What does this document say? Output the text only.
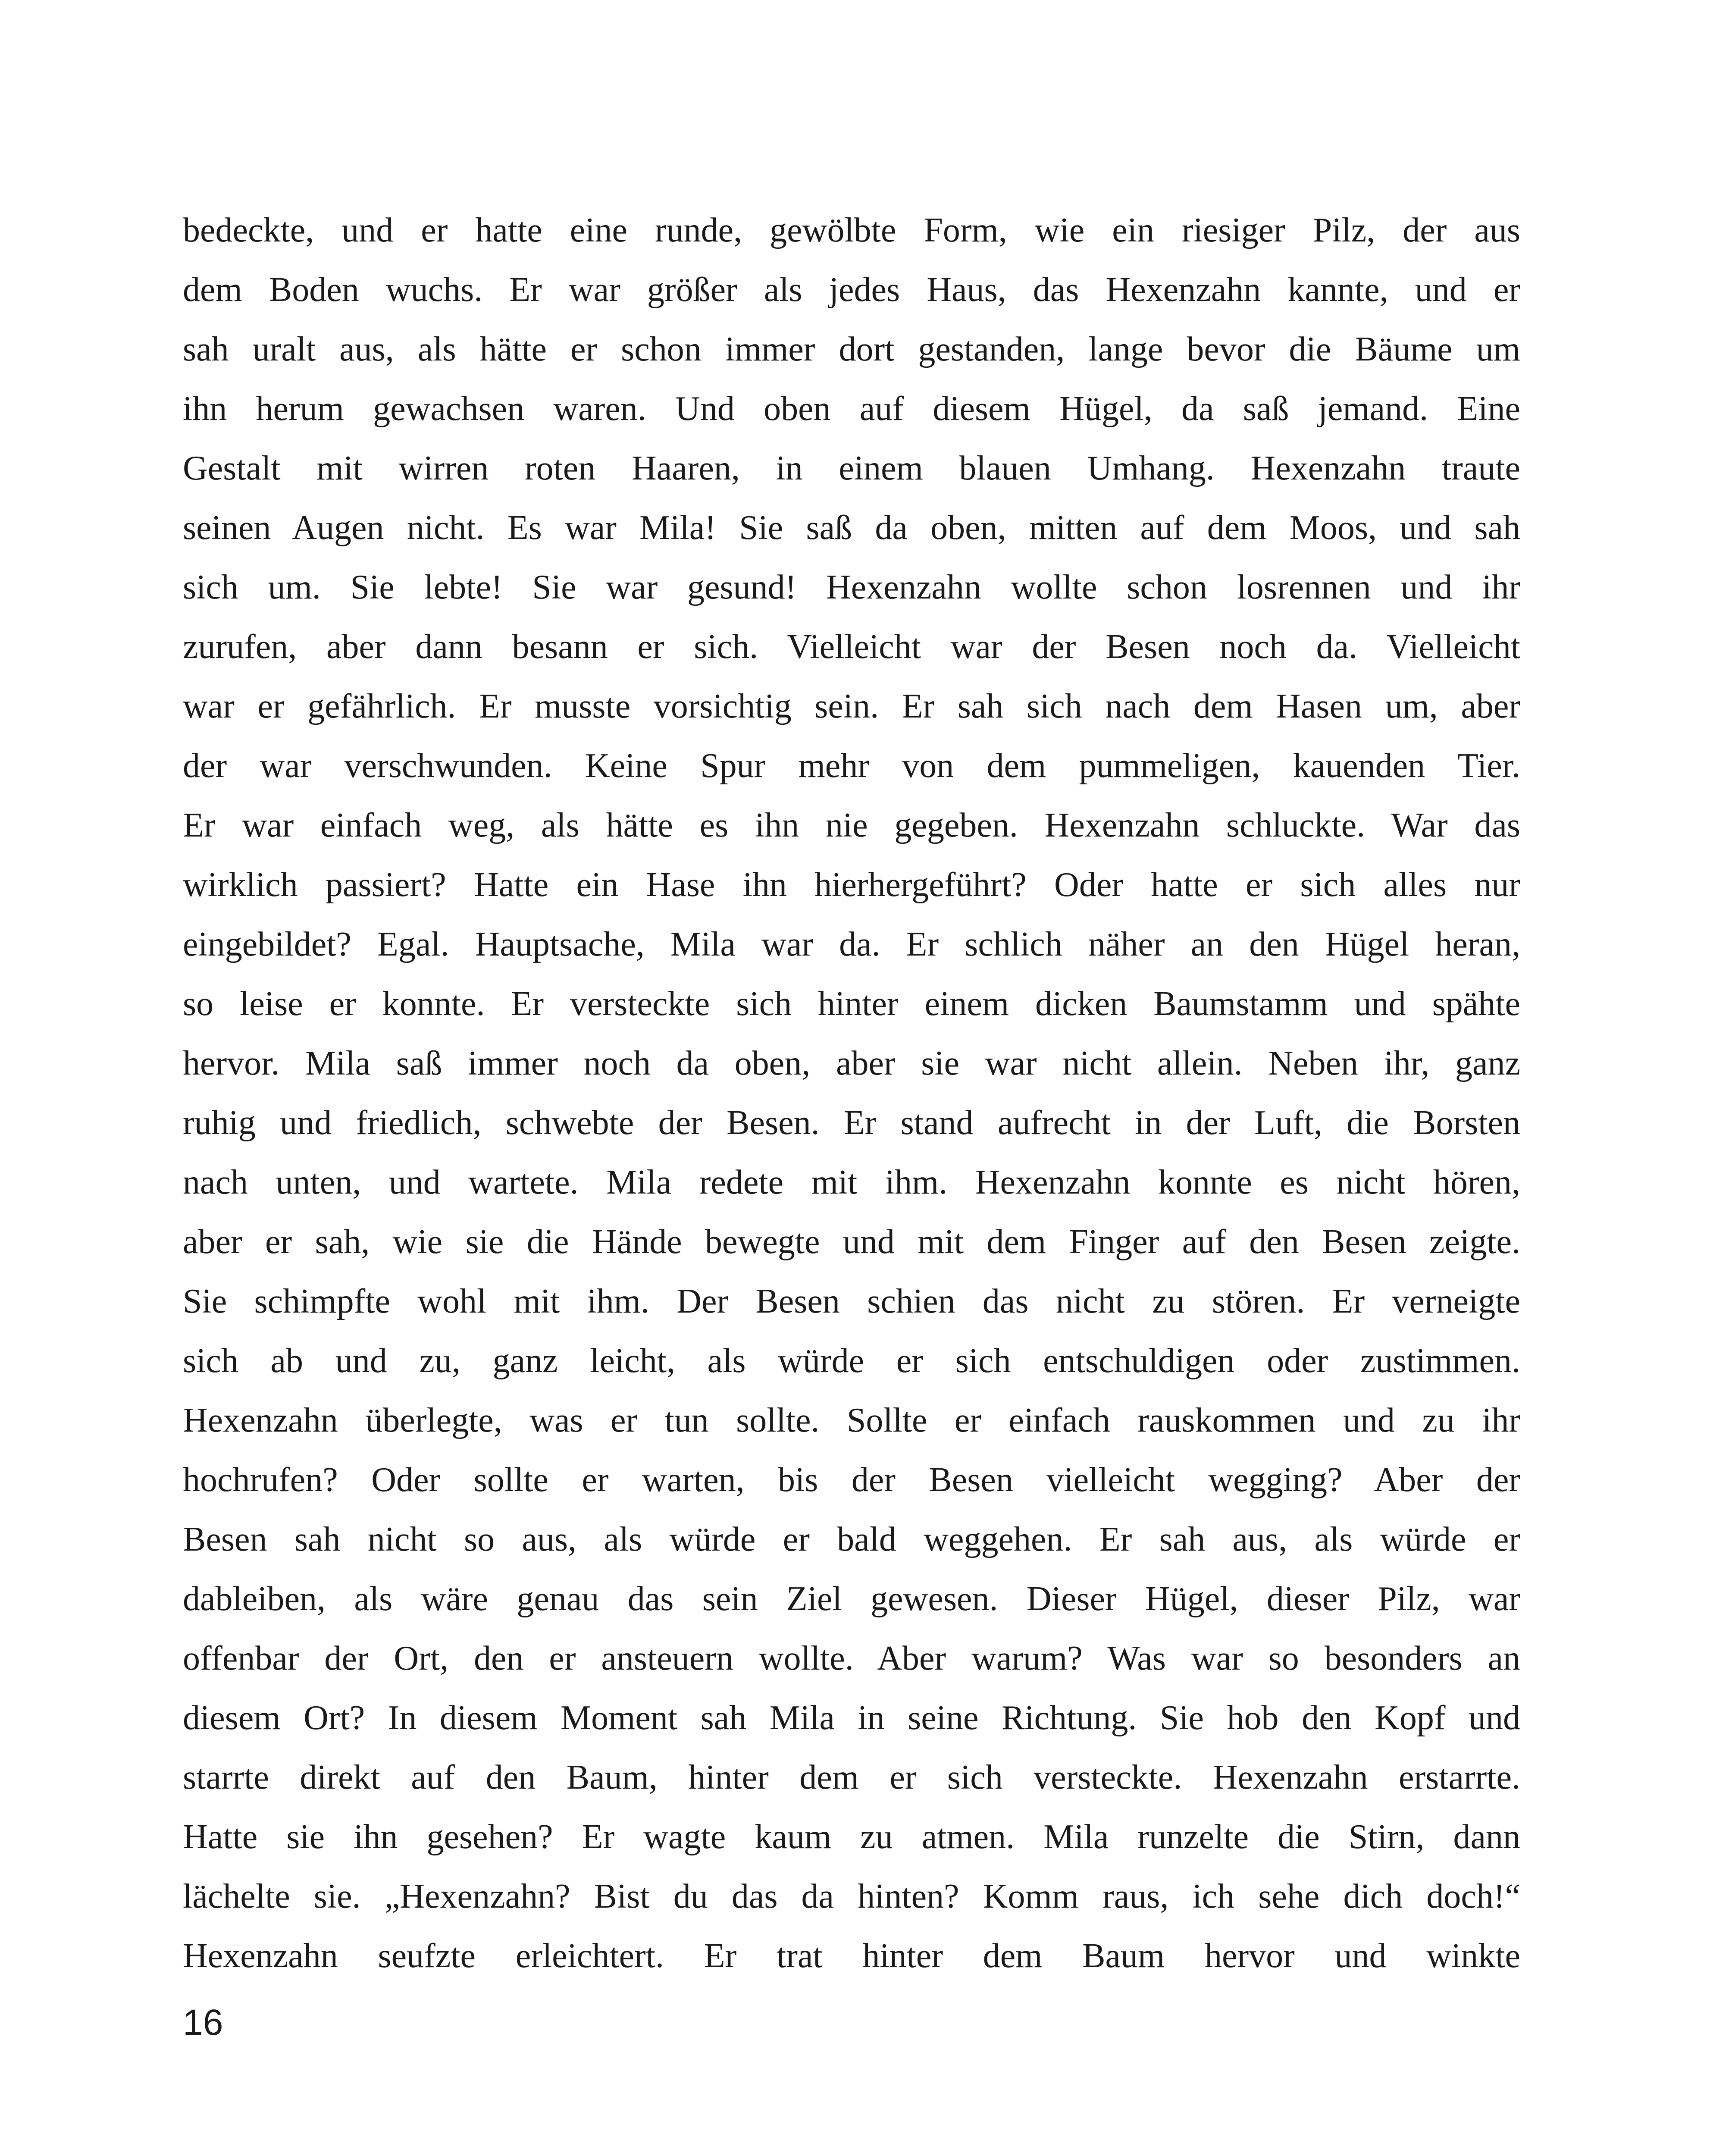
bedeckte, und er hatte eine runde, gewölbte Form, wie ein riesiger Pilz, der aus
dem Boden wuchs. Er war größer als jedes Haus, das Hexenzahn kannte, und er
sah uralt aus, als hätte er schon immer dort gestanden, lange bevor die Bäume um
ihn herum gewachsen waren. Und oben auf diesem Hügel, da saß jemand. Eine
Gestalt mit wirren roten Haaren, in einem blauen Umhang. Hexenzahn traute
seinen Augen nicht. Es war Mila! Sie saß da oben, mitten auf dem Moos, und sah
sich um. Sie lebte! Sie war gesund! Hexenzahn wollte schon losrennen und ihr
zurufen, aber dann besann er sich. Vielleicht war der Besen noch da. Vielleicht
war er gefährlich. Er musste vorsichtig sein. Er sah sich nach dem Hasen um, aber
der war verschwunden. Keine Spur mehr von dem pummeligen, kauenden Tier.
Er war einfach weg, als hätte es ihn nie gegeben. Hexenzahn schluckte. War das
wirklich passiert? Hatte ein Hase ihn hierhergeführt? Oder hatte er sich alles nur
eingebildet? Egal. Hauptsache, Mila war da. Er schlich näher an den Hügel heran,
so leise er konnte. Er versteckte sich hinter einem dicken Baumstamm und spähte
hervor. Mila saß immer noch da oben, aber sie war nicht allein. Neben ihr, ganz
ruhig und friedlich, schwebte der Besen. Er stand aufrecht in der Luft, die Borsten
nach unten, und wartete. Mila redete mit ihm. Hexenzahn konnte es nicht hören,
aber er sah, wie sie die Hände bewegte und mit dem Finger auf den Besen zeigte.
Sie schimpfte wohl mit ihm. Der Besen schien das nicht zu stören. Er verneigte
sich ab und zu, ganz leicht, als würde er sich entschuldigen oder zustimmen.
Hexenzahn überlegte, was er tun sollte. Sollte er einfach rauskommen und zu ihr
hochrufen? Oder sollte er warten, bis der Besen vielleicht wegging? Aber der
Besen sah nicht so aus, als würde er bald weggehen. Er sah aus, als würde er
dableiben, als wäre genau das sein Ziel gewesen. Dieser Hügel, dieser Pilz, war
offenbar der Ort, den er ansteuern wollte. Aber warum? Was war so besonders an
diesem Ort? In diesem Moment sah Mila in seine Richtung. Sie hob den Kopf und
starrte direkt auf den Baum, hinter dem er sich versteckte. Hexenzahn erstarrte.
Hatte sie ihn gesehen? Er wagte kaum zu atmen. Mila runzelte die Stirn, dann
lächelte sie. „Hexenzahn? Bist du das da hinten? Komm raus, ich sehe dich doch!“
Hexenzahn seufzte erleichtert. Er trat hinter dem Baum hervor und winkte
16
